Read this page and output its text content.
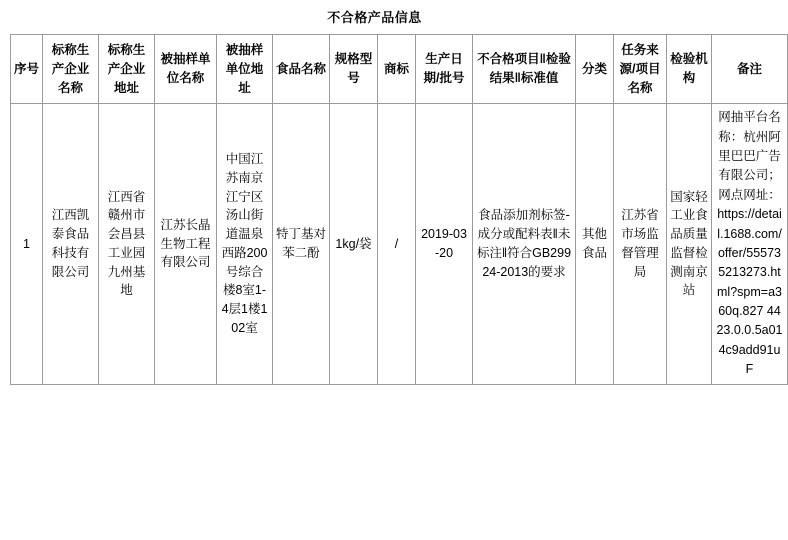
不合格产品信息
序号	标称生产企业名称	标称生产企业地址	被抽样单位名称	被抽样单位地址	食品名称	规格型号	商标	生产日期/批号	不合格项目‖检验结果‖标准值	分类	任务来源/项目名称	检验机构	备注
1	江西凯泰食品科技有限公司	江西省赣州市会昌县工业园九州基地	江苏长晶生物工程有限公司	中国江苏南京江宁区汤山街道温泉西路200号综合楼8室1-4层1楼102室	特丁基对苯二酚	1kg/袋	/	2019-03-20	食品添加剂标签-成分或配料表‖未标注‖符合GB29924-2013的要求	其他食品	江苏省市场监督管理局	国家轻工业食品质量监督检测南京站	网抽平台名称：杭州阿里巴巴广告有限公司；网点网址：https://detail.1688.com/offer/555735213273.html?spm=a360q.827 4423.0.0.5a014c9add91uF
